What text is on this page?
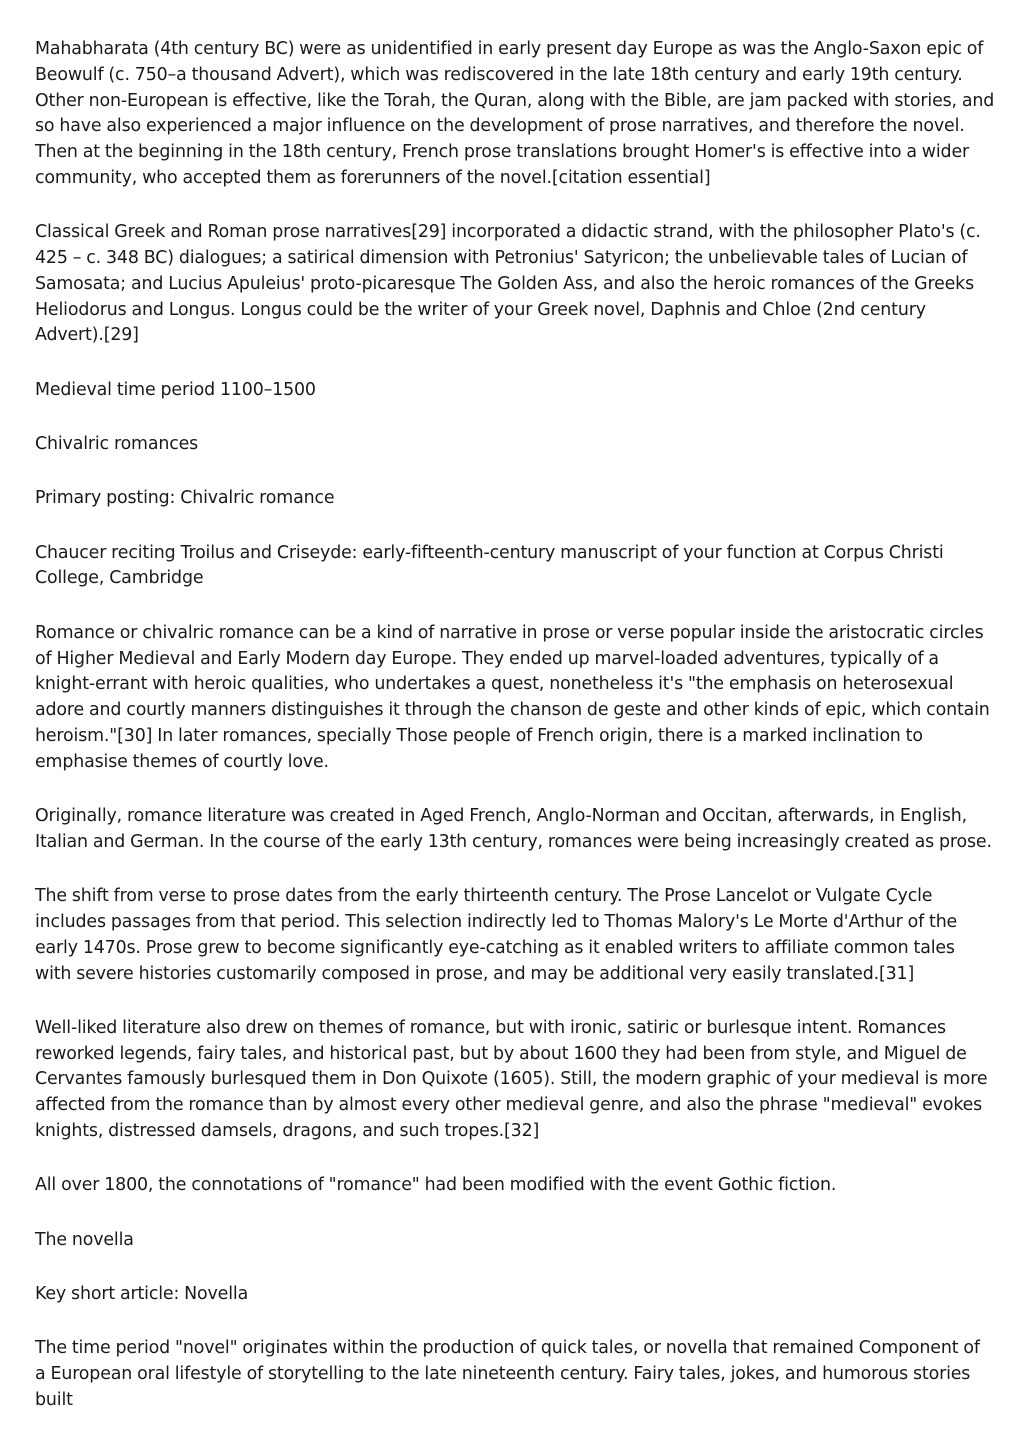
Mahabharata (4th century BC) were as unidentified in early present day Europe as was the Anglo-Saxon epic of Beowulf (c. 750–a thousand Advert), which was rediscovered in the late 18th century and early 19th century. Other non-European is effective, like the Torah, the Quran, along with the Bible, are jam packed with stories, and so have also experienced a major influence on the development of prose narratives, and therefore the novel. Then at the beginning in the 18th century, French prose translations brought Homer's is effective into a wider community, who accepted them as forerunners of the novel.[citation essential]

Classical Greek and Roman prose narratives[29] incorporated a didactic strand, with the philosopher Plato's (c. 425 – c. 348 BC) dialogues; a satirical dimension with Petronius' Satyricon; the unbelievable tales of Lucian of Samosata; and Lucius Apuleius' proto-picaresque The Golden Ass, and also the heroic romances of the Greeks Heliodorus and Longus. Longus could be the writer of your Greek novel, Daphnis and Chloe (2nd century Advert).[29]

Medieval time period 1100–1500

Chivalric romances

Primary posting: Chivalric romance

Chaucer reciting Troilus and Criseyde: early-fifteenth-century manuscript of your function at Corpus Christi College, Cambridge

Romance or chivalric romance can be a kind of narrative in prose or verse popular inside the aristocratic circles of Higher Medieval and Early Modern day Europe. They ended up marvel-loaded adventures, typically of a knight-errant with heroic qualities, who undertakes a quest, nonetheless it's "the emphasis on heterosexual adore and courtly manners distinguishes it through the chanson de geste and other kinds of epic, which contain heroism."[30] In later romances, specially Those people of French origin, there is a marked inclination to emphasise themes of courtly love.

Originally, romance literature was created in Aged French, Anglo-Norman and Occitan, afterwards, in English, Italian and German. In the course of the early 13th century, romances were being increasingly created as prose.

The shift from verse to prose dates from the early thirteenth century. The Prose Lancelot or Vulgate Cycle includes passages from that period. This selection indirectly led to Thomas Malory's Le Morte d'Arthur of the early 1470s. Prose grew to become significantly eye-catching as it enabled writers to affiliate common tales with severe histories customarily composed in prose, and may be additional very easily translated.[31]

Well-liked literature also drew on themes of romance, but with ironic, satiric or burlesque intent. Romances reworked legends, fairy tales, and historical past, but by about 1600 they had been from style, and Miguel de Cervantes famously burlesqued them in Don Quixote (1605). Still, the modern graphic of your medieval is more affected from the romance than by almost every other medieval genre, and also the phrase "medieval" evokes knights, distressed damsels, dragons, and such tropes.[32]

All over 1800, the connotations of "romance" had been modified with the event Gothic fiction.

The novella

Key short article: Novella

The time period "novel" originates within the production of quick tales, or novella that remained Component of a European oral lifestyle of storytelling to the late nineteenth century. Fairy tales, jokes, and humorous stories built
